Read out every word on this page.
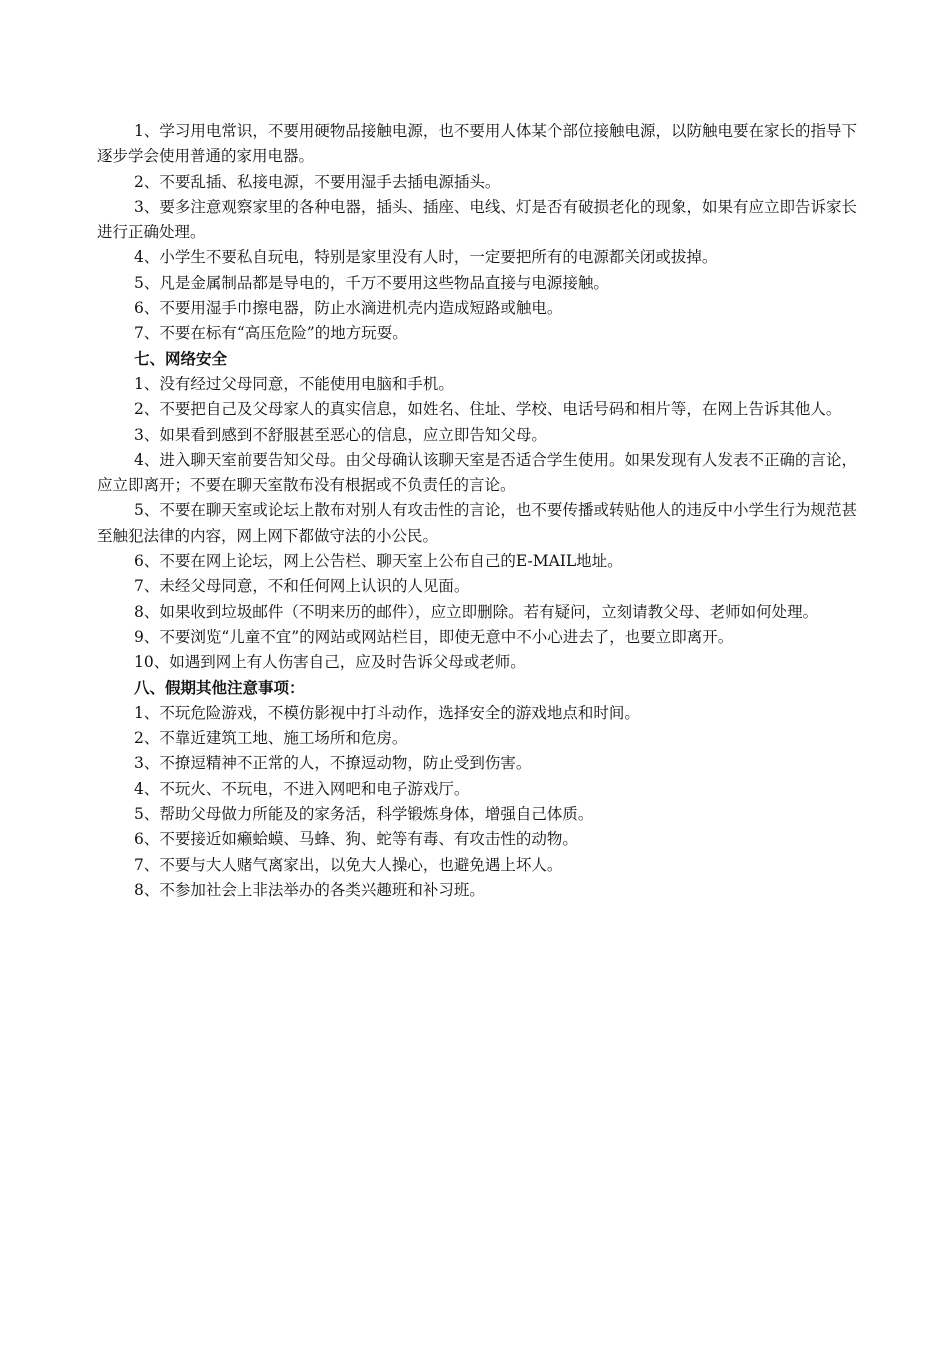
1、学习用电常识，不要用硬物品接触电源，也不要用人体某个部位接触电源，以防触电要在家长的指导下逐步学会使用普通的家用电器。

2、不要乱插、私接电源，不要用湿手去插电源插头。

3、要多注意观察家里的各种电器，插头、插座、电线、灯是否有破损老化的现象，如果有应立即告诉家长进行正确处理。

4、小学生不要私自玩电，特别是家里没有人时，一定要把所有的电源都关闭或拔掉。

5、凡是金属制品都是导电的，千万不要用这些物品直接与电源接触。

6、不要用湿手巾擦电器，防止水滴进机壳内造成短路或触电。

7、不要在标有“高压危险”的地方玩耍。

七、网络安全

1、没有经过父母同意，不能使用电脑和手机。

2、不要把自己及父母家人的真实信息，如姓名、住址、学校、电话号码和相片等，在网上告诉其他人。

3、如果看到感到不舒服甚至恶心的信息，应立即告知父母。

4、进入聊天室前要告知父母。由父母确认该聊天室是否适合学生使用。如果发现有人发表不正确的言论，应立即离开；不要在聊天室散布没有根据或不负责任的言论。

5、不要在聊天室或论坛上散布对别人有攻击性的言论，也不要传播或转贴他人的违反中小学生行为规范甚至触犯法律的内容，网上网下都做守法的小公民。

6、不要在网上论坛，网上公告栏、聊天室上公布自己的E-MAIL地址。

7、未经父母同意，不和任何网上认识的人见面。

8、如果收到垃圾邮件（不明来历的邮件），应立即删除。若有疑问，立刻请教父母、老师如何处理。

9、不要浏览“儿童不宜”的网站或网站栏目，即使无意中不小心进去了，也要立即离开。

10、如遇到网上有人伤害自己，应及时告诉父母或老师。

八、假期其他注意事项：

1、不玩危险游戏，不模仿影视中打斗动作，选择安全的游戏地点和时间。

2、不靠近建筑工地、施工场所和危房。

3、不撩逗精神不正常的人，不撩逗动物，防止受到伤害。

4、不玩火、不玩电，不进入网吧和电子游戏厅。

5、帮助父母做力所能及的家务活，科学锻炼身体，增强自己体质。

6、不要接近如癞蛤蟆、马蜂、狗、蛇等有毒、有攻击性的动物。

7、不要与大人赌气离家出，以免大人操心，也避免遇上坏人。

8、不参加社会上非法举办的各类兴趣班和补习班。
